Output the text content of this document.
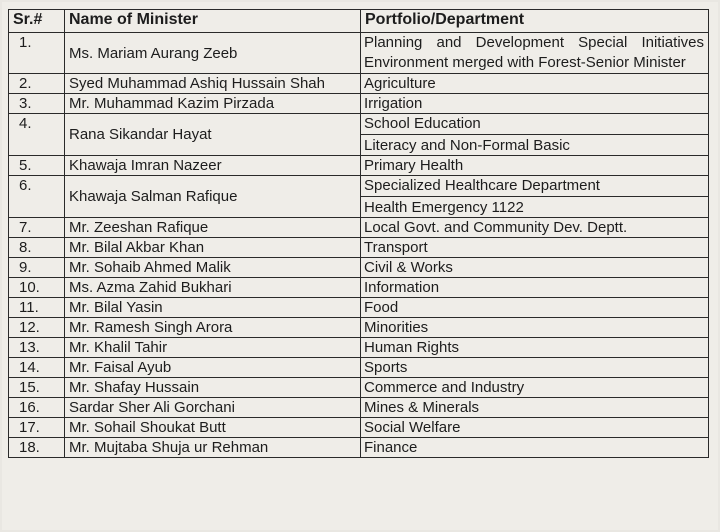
Sr.#	Name of Minister	Portfolio/Department
1.	Ms. Mariam Aurang Zeeb	Planning and Development Special Initiatives Environment merged with Forest-Senior Minister

2.	Syed Muhammad Ashiq Hussain Shah	Agriculture
3.	Mr. Muhammad Kazim Pirzada	Irrigation
4.	Rana Sikandar Hayat	School Education
Literacy and Non-Formal Basic

5.	Khawaja Imran Nazeer	Primary Health
6.	Khawaja Salman Rafique	Specialized Healthcare Department
Health Emergency 1122

7.	Mr. Zeeshan Rafique	Local Govt. and Community Dev. Deptt.
8.	Mr. Bilal Akbar Khan	Transport
9.	Mr. Sohaib Ahmed Malik	Civil & Works
10.	Ms. Azma Zahid Bukhari	Information
11.	Mr. Bilal Yasin	Food
12.	Mr. Ramesh Singh Arora	Minorities
13.	Mr. Khalil Tahir	Human Rights
14.	Mr. Faisal Ayub	Sports
15.	Mr. Shafay Hussain	Commerce and Industry
16.	Sardar Sher Ali Gorchani	Mines & Minerals
17.	Mr. Sohail Shoukat Butt	Social Welfare
18.	Mr. Mujtaba Shuja ur Rehman	Finance
